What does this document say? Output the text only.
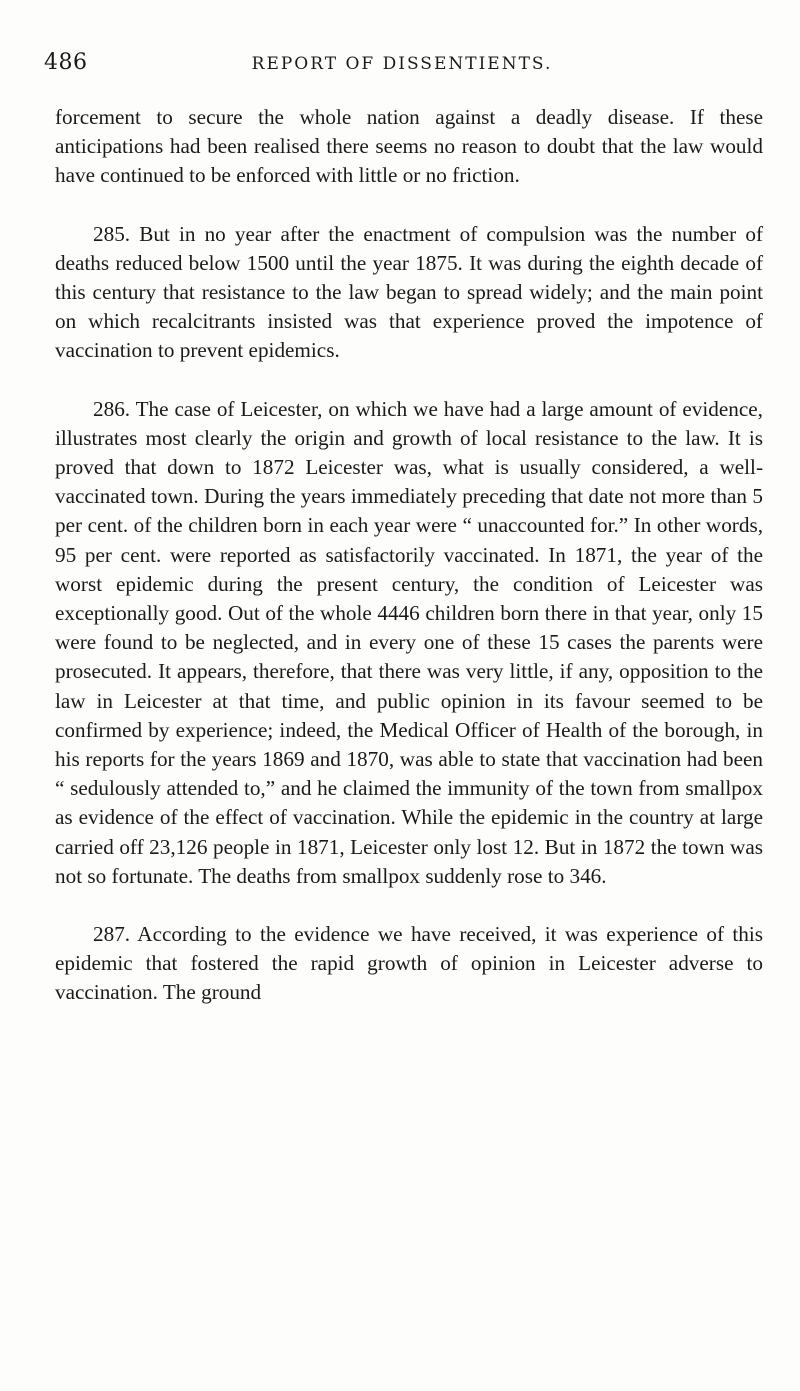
486	REPORT OF DISSENTIENTS.

forcement to secure the whole nation against a deadly disease. If these anticipations had been realised there seems no reason to doubt that the law would have continued to be enforced with little or no friction.

285. But in no year after the enactment of compulsion was the number of deaths reduced below 1500 until the year 1875. It was during the eighth decade of this century that resistance to the law began to spread widely; and the main point on which recalcitrants insisted was that experience proved the impotence of vaccination to prevent epidemics.

286. The case of Leicester, on which we have had a large amount of evidence, illustrates most clearly the origin and growth of local resistance to the law. It is proved that down to 1872 Leicester was, what is usually considered, a well-vaccinated town. During the years immediately preceding that date not more than 5 per cent. of the children born in each year were “ unaccounted for.” In other words, 95 per cent. were reported as satisfactorily vaccinated. In 1871, the year of the worst epidemic during the present century, the condition of Leicester was exceptionally good. Out of the whole 4446 children born there in that year, only 15 were found to be neglected, and in every one of these 15 cases the parents were prosecuted. It appears, therefore, that there was very little, if any, opposition to the law in Leicester at that time, and public opinion in its favour seemed to be confirmed by experience; indeed, the Medical Officer of Health of the borough, in his reports for the years 1869 and 1870, was able to state that vaccination had been “ sedulously attended to,” and he claimed the immunity of the town from smallpox as evidence of the effect of vaccination. While the epidemic in the country at large carried off 23,126 people in 1871, Leicester only lost 12. But in 1872 the town was not so fortunate. The deaths from smallpox suddenly rose to 346.

287. According to the evidence we have received, it was experience of this epidemic that fostered the rapid growth of opinion in Leicester adverse to vaccination. The ground
